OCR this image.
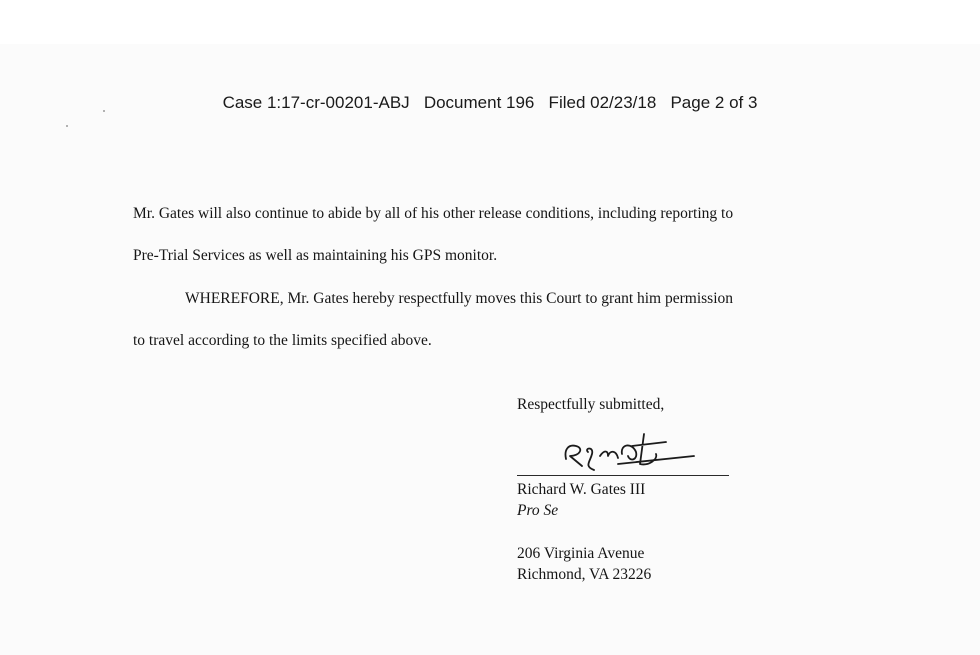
Case 1:17-cr-00201-ABJ   Document 196   Filed 02/23/18   Page 2 of 3
Mr. Gates will also continue to abide by all of his other release conditions, including reporting to
Pre-Trial Services as well as maintaining his GPS monitor.
WHEREFORE, Mr. Gates hereby respectfully moves this Court to grant him permission
to travel according to the limits specified above.
Respectfully submitted,
Richard W. Gates III
Pro Se
206 Virginia Avenue
Richmond, VA 23226
